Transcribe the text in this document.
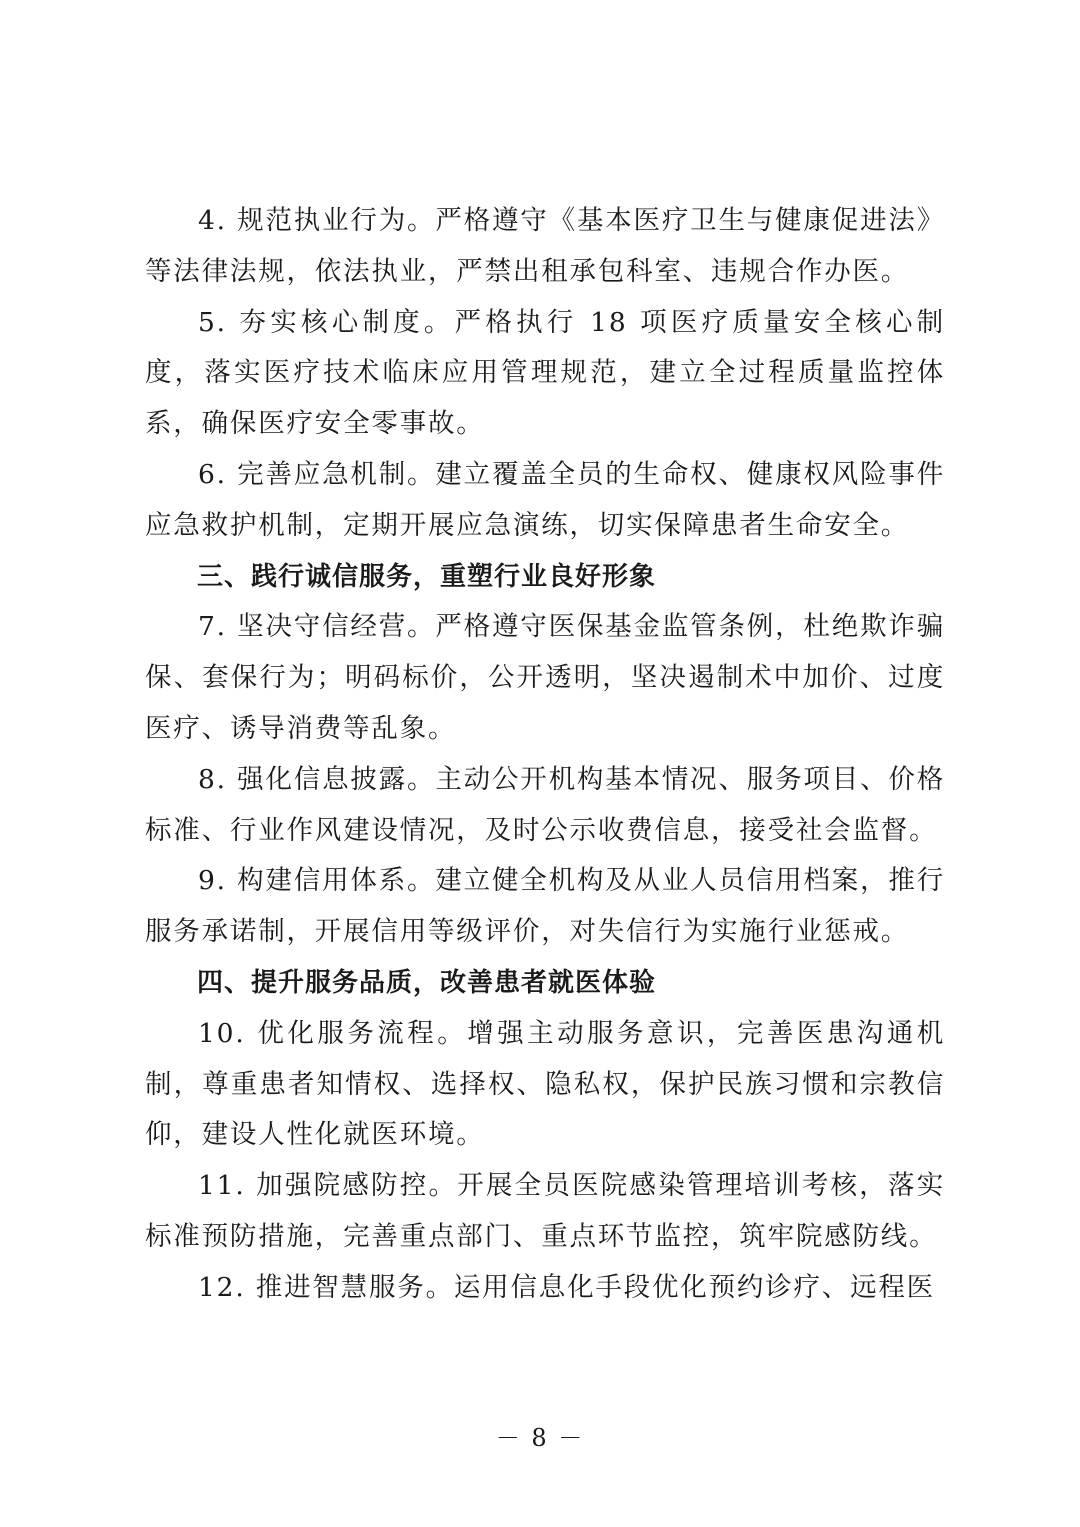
4. 规范执业行为。严格遵守《基本医疗卫生与健康促进法》等法律法规，依法执业，严禁出租承包科室、违规合作办医。

5. 夯实核心制度。严格执行 18 项医疗质量安全核心制度，落实医疗技术临床应用管理规范，建立全过程质量监控体系，确保医疗安全零事故。

6. 完善应急机制。建立覆盖全员的生命权、健康权风险事件应急救护机制，定期开展应急演练，切实保障患者生命安全。

三、践行诚信服务，重塑行业良好形象

7. 坚决守信经营。严格遵守医保基金监管条例，杜绝欺诈骗保、套保行为；明码标价，公开透明，坚决遏制术中加价、过度医疗、诱导消费等乱象。

8. 强化信息披露。主动公开机构基本情况、服务项目、价格标准、行业作风建设情况，及时公示收费信息，接受社会监督。

9. 构建信用体系。建立健全机构及从业人员信用档案，推行服务承诺制，开展信用等级评价，对失信行为实施行业惩戒。

四、提升服务品质，改善患者就医体验

10. 优化服务流程。增强主动服务意识，完善医患沟通机制，尊重患者知情权、选择权、隐私权，保护民族习惯和宗教信仰，建设人性化就医环境。

11. 加强院感防控。开展全员医院感染管理培训考核，落实标准预防措施，完善重点部门、重点环节监控，筑牢院感防线。

12. 推进智慧服务。运用信息化手段优化预约诊疗、远程医

－ 8 －
